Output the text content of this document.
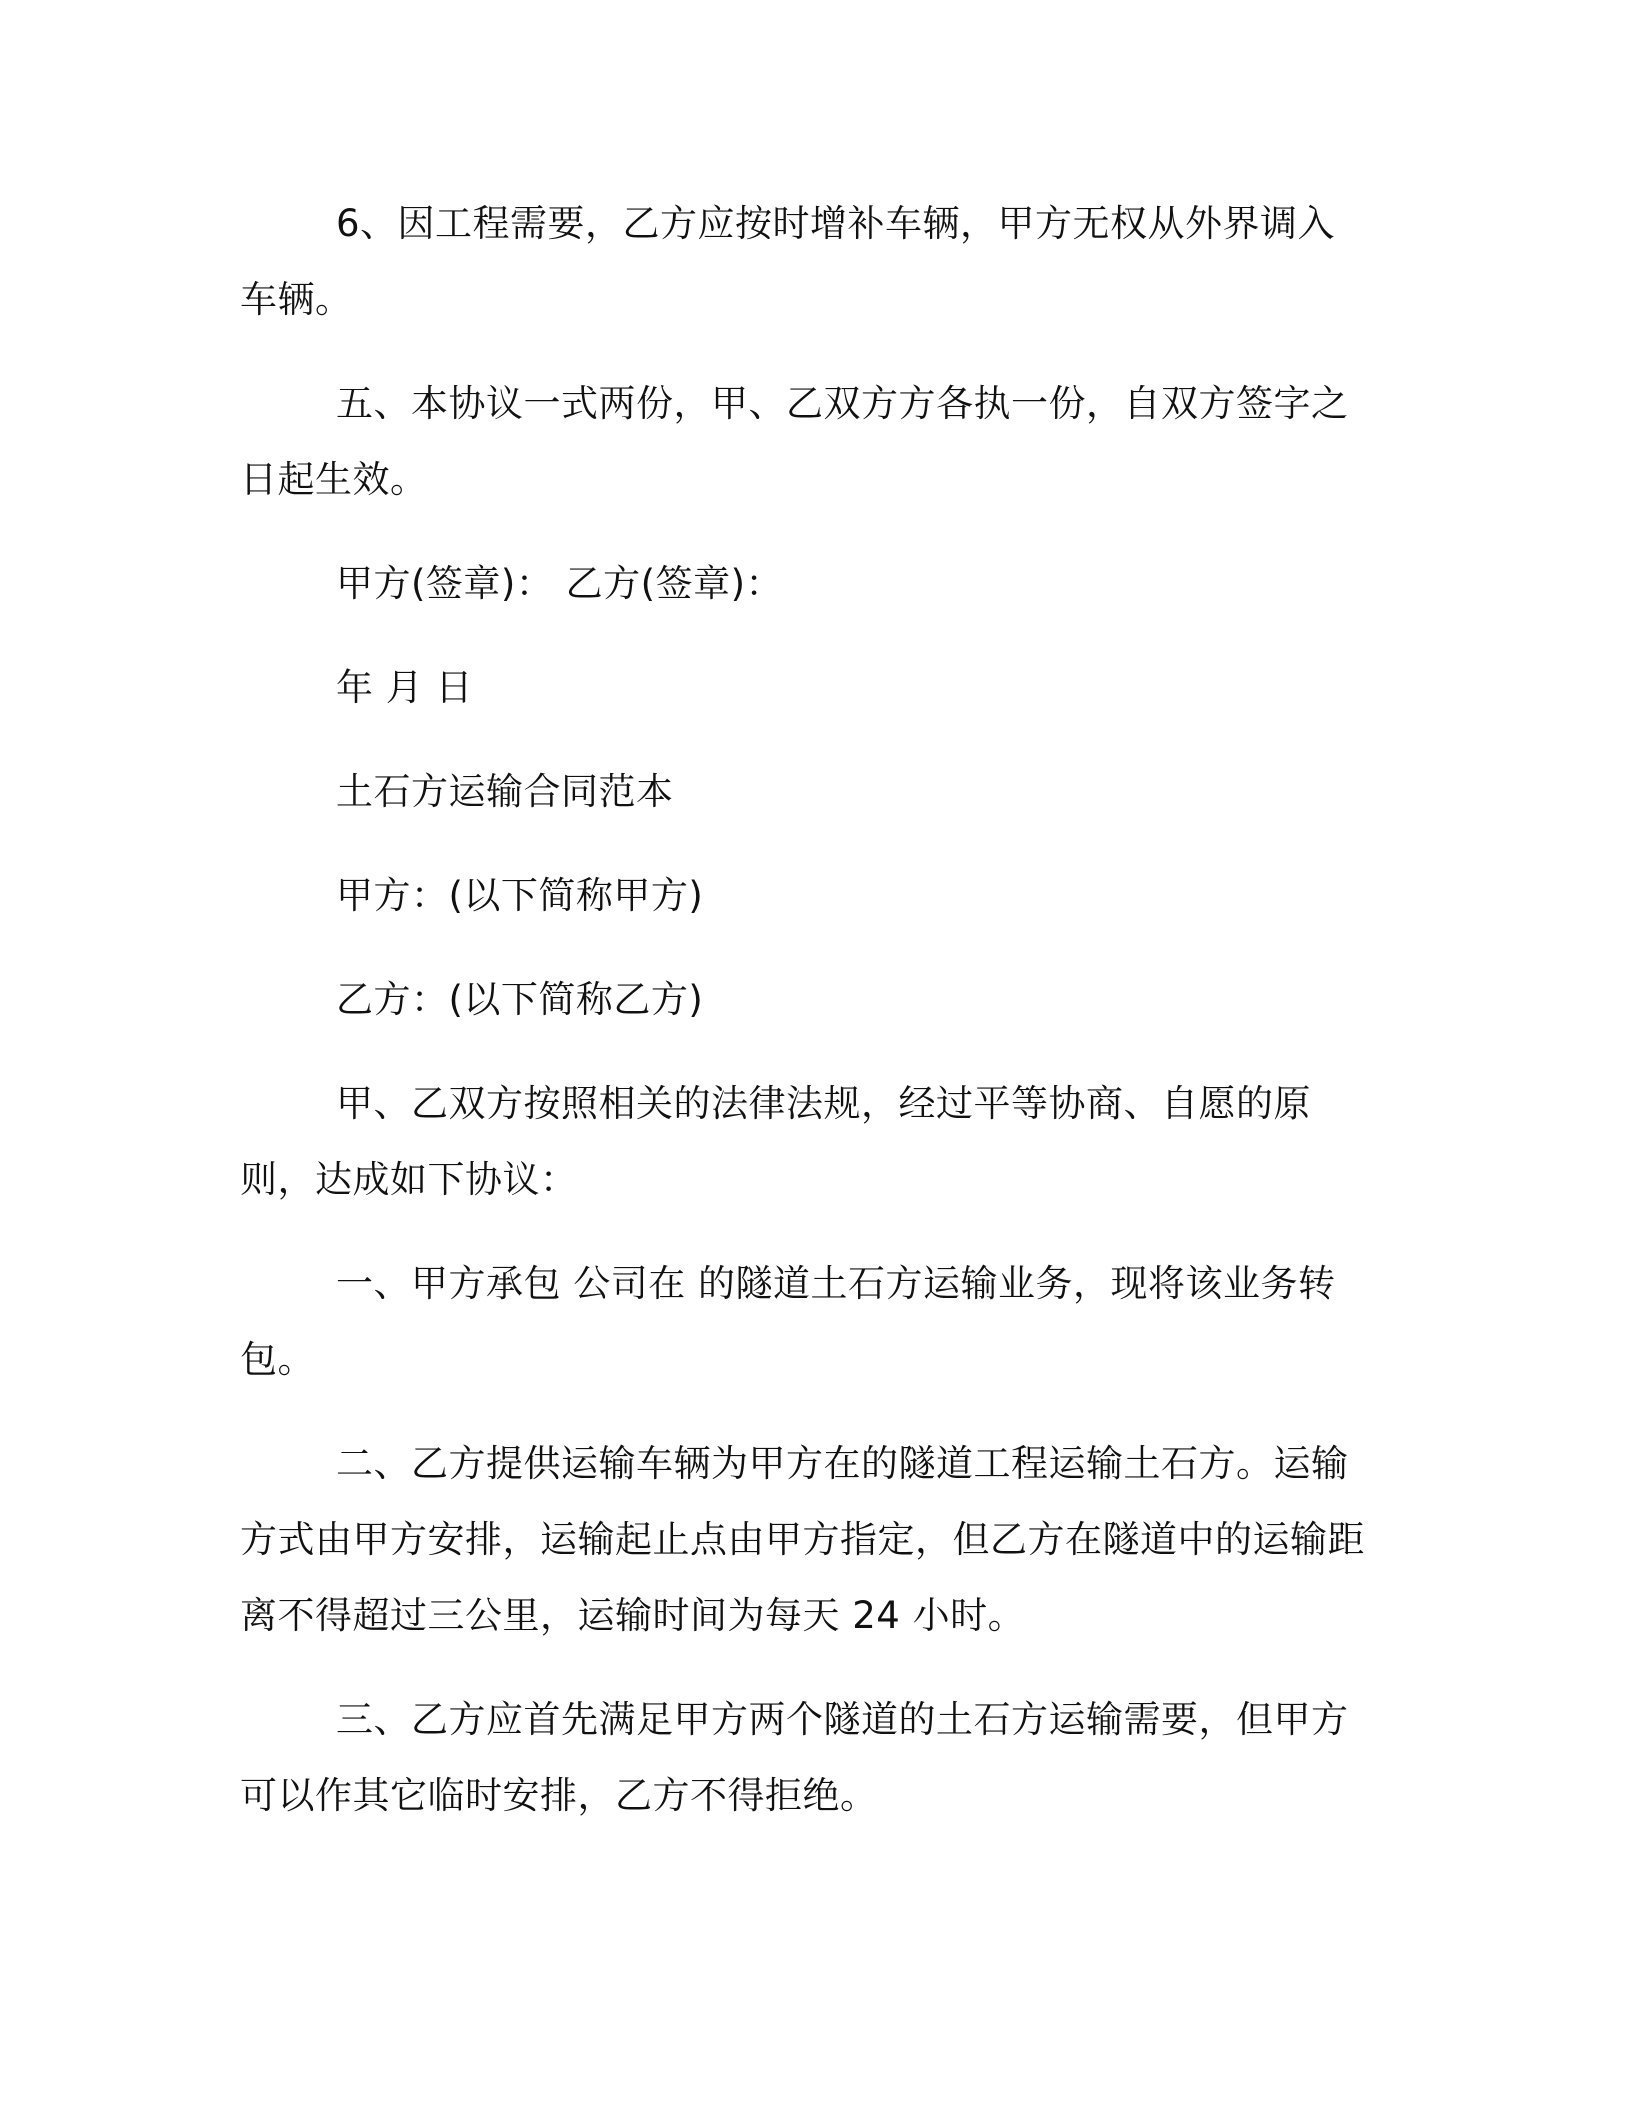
6、因工程需要，乙方应按时增补车辆，甲方无权从外界调入车辆。

五、本协议一式两份，甲、乙双方方各执一份，自双方签字之日起生效。

甲方(签章)： 乙方(签章)：

年 月 日

土石方运输合同范本

甲方：(以下简称甲方)

乙方：(以下简称乙方)

甲、乙双方按照相关的法律法规，经过平等协商、自愿的原则，达成如下协议：

一、甲方承包 公司在 的隧道土石方运输业务，现将该业务转包。

二、乙方提供运输车辆为甲方在的隧道工程运输土石方。运输方式由甲方安排，运输起止点由甲方指定，但乙方在隧道中的运输距离不得超过三公里，运输时间为每天 24 小时。

三、乙方应首先满足甲方两个隧道的土石方运输需要，但甲方可以作其它临时安排，乙方不得拒绝。
